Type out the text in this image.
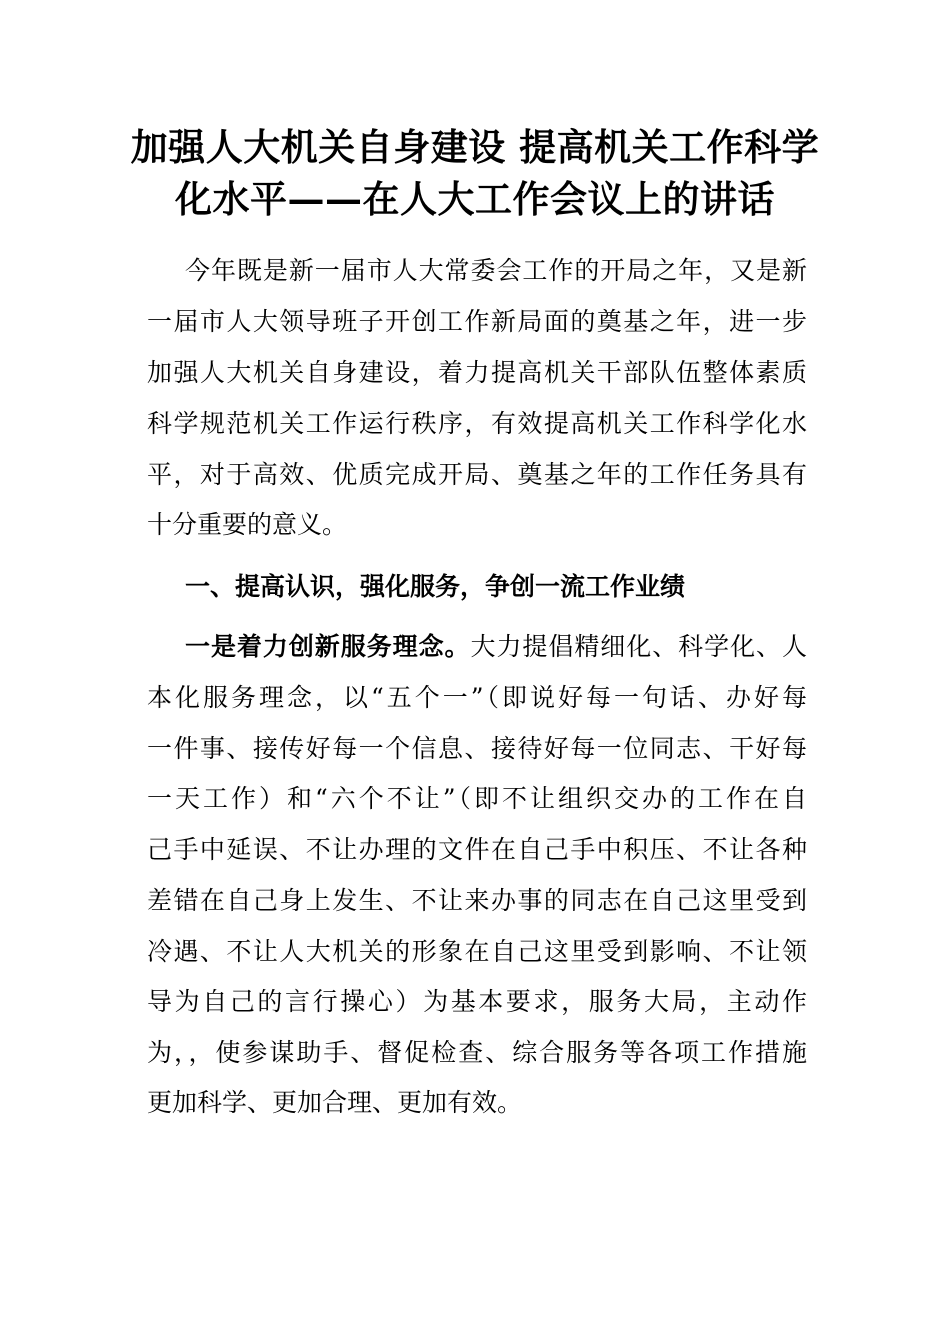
加强人大机关自身建设 提高机关工作科学
化水平——在人大工作会议上的讲话
今年既是新一届市人大常委会工作的开局之年，又是新
一届市人大领导班子开创工作新局面的奠基之年，进一步
加强人大机关自身建设，着力提高机关干部队伍整体素质
科学规范机关工作运行秩序，有效提高机关工作科学化水
平，对于高效、优质完成开局、奠基之年的工作任务具有
十分重要的意义。
一、提高认识，强化服务，争创一流工作业绩
一是着力创新服务理念。大力提倡精细化、科学化、人
本化服务理念，以“五个一”（即说好每一句话、办好每
一件事、接传好每一个信息、接待好每一位同志、干好每
一天工作）和“六个不让”（即不让组织交办的工作在自
己手中延误、不让办理的文件在自己手中积压、不让各种
差错在自己身上发生、不让来办事的同志在自己这里受到
冷遇、不让人大机关的形象在自己这里受到影响、不让领
导为自己的言行操心）为基本要求，服务大局，主动作
为，，使参谋助手、督促检查、综合服务等各项工作措施
更加科学、更加合理、更加有效。
